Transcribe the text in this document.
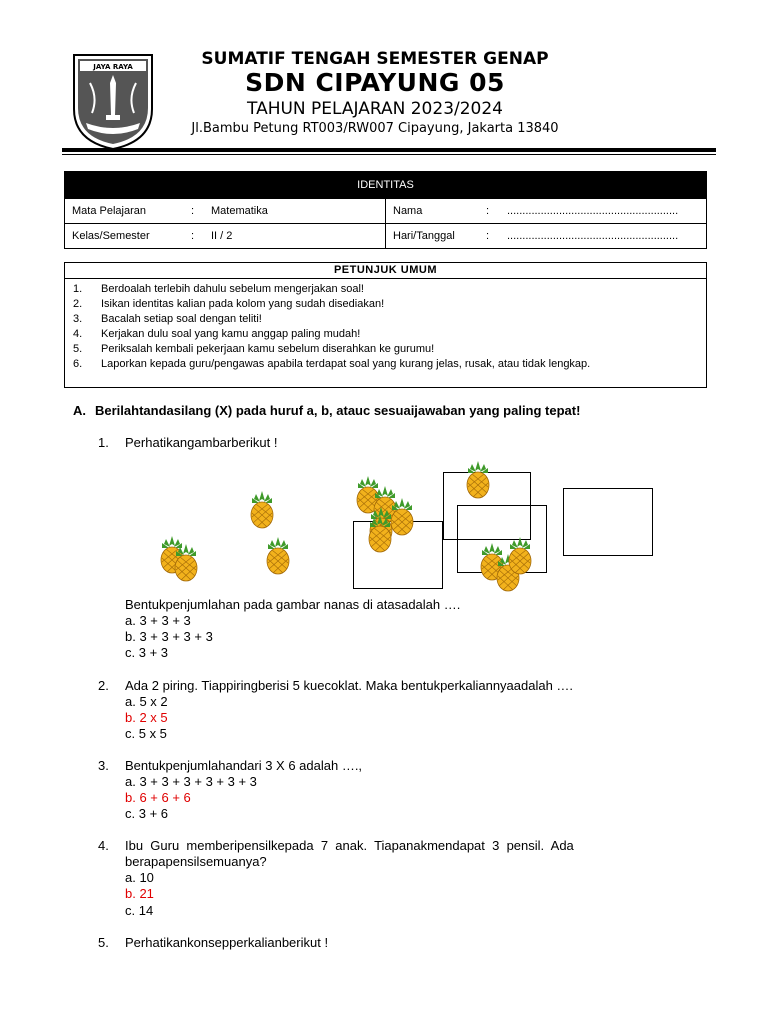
JAYA RAYA	SUMATIF TENGAH SEMESTER GENAP
SDN CIPAYUNG 05
TAHUN PELAJARAN 2023/2024
Jl.Bambu Petung RT003/RW007 Cipayung, Jakarta 13840
IDENTITAS
Mata Pelajaran	: Matematika	Nama	: ........................................................
Kelas/Semester	: II / 2	Hari/Tanggal	: ........................................................
PETUNJUK UMUM
1. Berdoalah terlebih dahulu sebelum mengerjakan soal!
2. Isikan identitas kalian pada kolom yang sudah disediakan!
3. Bacalah setiap soal dengan teliti!
4. Kerjakan dulu soal yang kamu anggap paling mudah!
5. Periksalah kembali pekerjaan kamu sebelum diserahkan ke gurumu!
6. Laporkan kepada guru/pengawas apabila terdapat soal yang kurang jelas, rusak, atau tidak lengkap.
A. Berilahtandasilang (X) pada huruf a, b, atauc sesuaijawaban yang paling tepat!
1. Perhatikangambarberikut !
Bentukpenjumlahan pada gambar nanas di atasadalah ….
a. 3 + 3 + 3
b. 3 + 3 + 3 + 3
c. 3 + 3
2. Ada 2 piring. Tiappiringberisi 5 kuecoklat. Maka bentukperkaliannyaadalah ….
a. 5 x 2
b. 2 x 5
c. 5 x 5
3. Bentukpenjumlahandari 3 X 6 adalah ….,
a. 3 + 3 + 3 + 3 + 3 + 3
b. 6 + 6 + 6
c. 3 + 6
4. Ibu  Guru  memberipensilkepada  7  anak.  Tiapanakmendapat  3  pensil.  Ada
berapapensilsemuanya?
a. 10
b. 21
c. 14
5. Perhatikankonsepperkalianberikut !
